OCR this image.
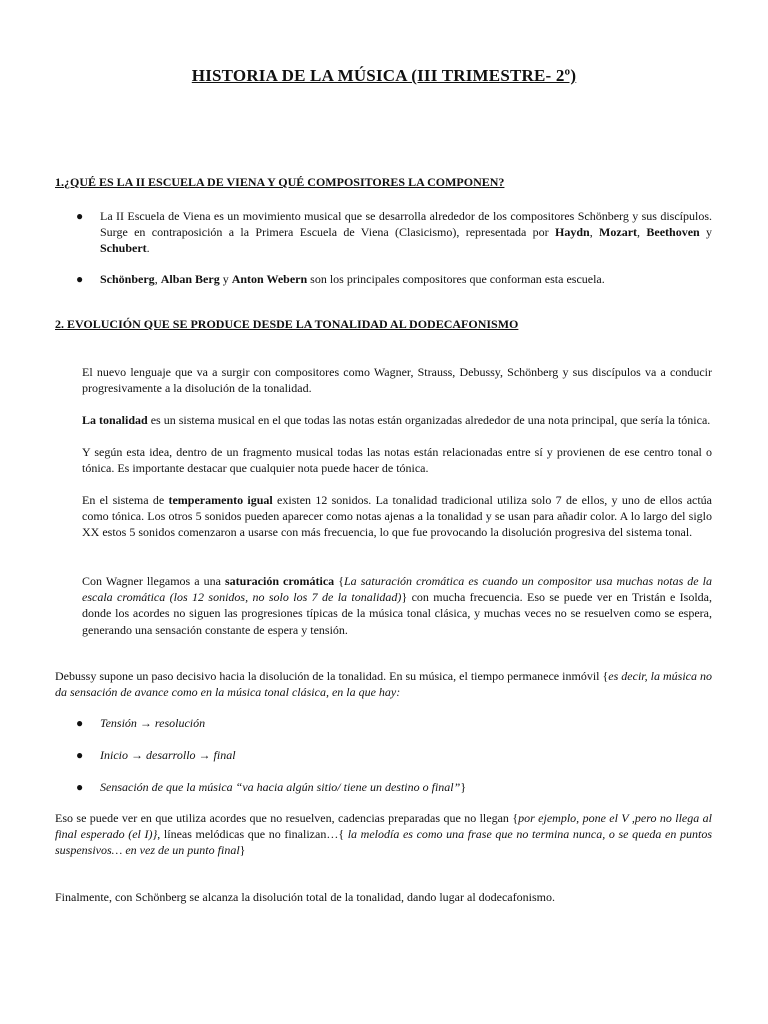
HISTORIA DE LA MÚSICA (III TRIMESTRE- 2º)
1.¿QUÉ ES LA II ESCUELA DE VIENA Y QUÉ COMPOSITORES LA COMPONEN?
● La II Escuela de Viena es un movimiento musical que se desarrolla alrededor de los compositores Schönberg y sus discípulos. Surge en contraposición a la Primera Escuela de Viena (Clasicismo), representada por Haydn, Mozart, Beethoven y Schubert.
● Schönberg, Alban Berg y Anton Webern son los principales compositores que conforman esta escuela.
2. EVOLUCIÓN QUE SE PRODUCE DESDE LA TONALIDAD AL DODECAFONISMO
El nuevo lenguaje que va a surgir con compositores como Wagner, Strauss, Debussy, Schönberg y sus discípulos va a conducir progresivamente a la disolución de la tonalidad.
La tonalidad es un sistema musical en el que todas las notas están organizadas alrededor de una nota principal, que sería la tónica.
Y según esta idea, dentro de un fragmento musical todas las notas están relacionadas entre sí y provienen de ese centro tonal o tónica. Es importante destacar que cualquier nota puede hacer de tónica.
En el sistema de temperamento igual existen 12 sonidos. La tonalidad tradicional utiliza solo 7 de ellos, y uno de ellos actúa como tónica. Los otros 5 sonidos pueden aparecer como notas ajenas a la tonalidad y se usan para añadir color. A lo largo del siglo XX estos 5 sonidos comenzaron a usarse con más frecuencia, lo que fue provocando la disolución progresiva del sistema tonal.
Con Wagner llegamos a una saturación cromática {La saturación cromática es cuando un compositor usa muchas notas de la escala cromática (los 12 sonidos, no solo los 7 de la tonalidad)} con mucha frecuencia. Eso se puede ver en Tristán e Isolda, donde los acordes no siguen las progresiones típicas de la música tonal clásica, y muchas veces no se resuelven como se espera, generando una sensación constante de espera y tensión.
Debussy supone un paso decisivo hacia la disolución de la tonalidad. En su música, el tiempo permanece inmóvil {es decir, la música no da sensación de avance como en la música tonal clásica, en la que hay:
● Tensión → resolución
● Inicio → desarrollo → final
● Sensación de que la música “va hacia algún sitio/ tiene un destino o final”}
Eso se puede ver en que utiliza acordes que no resuelven, cadencias preparadas que no llegan {por ejemplo, pone el V ,pero no llega al final esperado (el I)}, líneas melódicas que no finalizan…{ la melodía es como una frase que no termina nunca, o se queda en puntos suspensivos… en vez de un punto final}
Finalmente, con Schönberg se alcanza la disolución total de la tonalidad, dando lugar al dodecafonismo.
